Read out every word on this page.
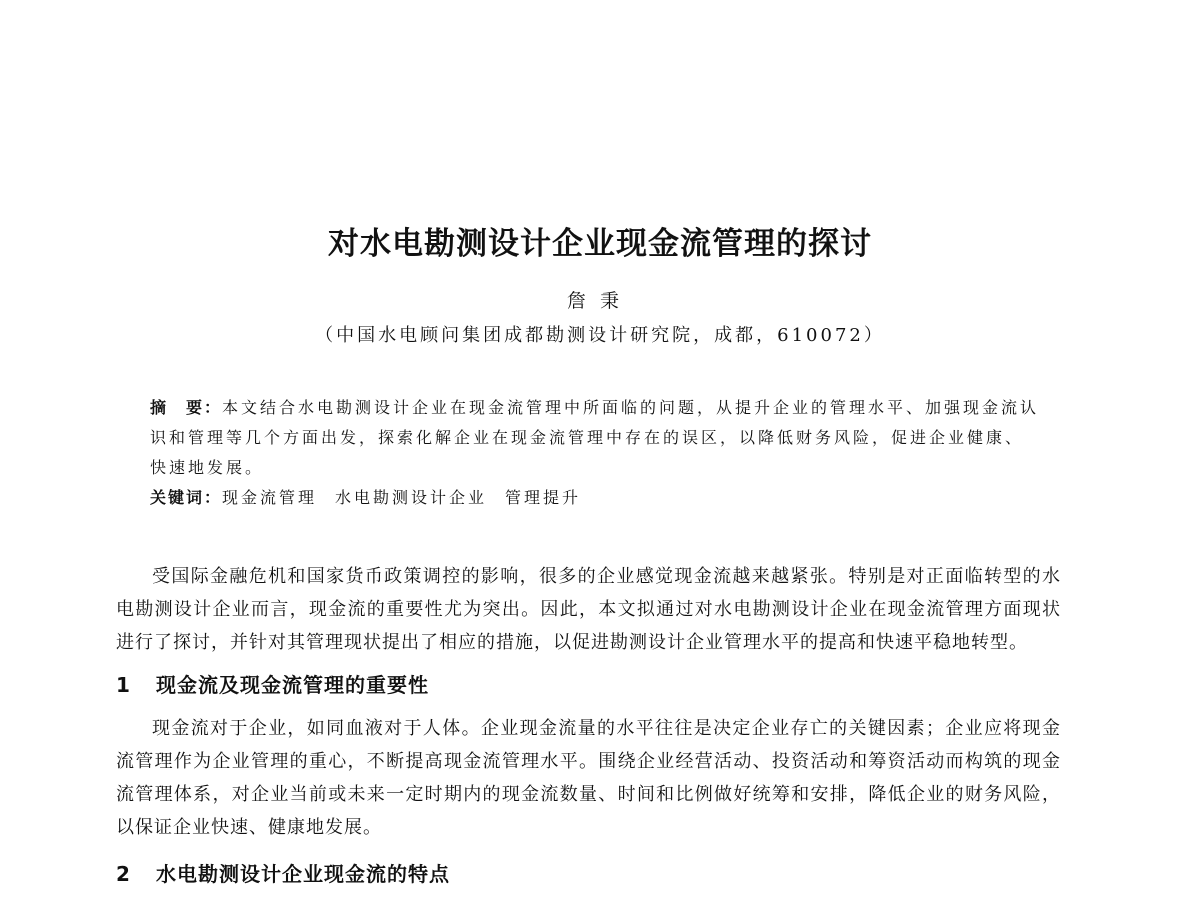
对水电勘测设计企业现金流管理的探讨
詹秉
（中国水电顾问集团成都勘测设计研究院，成都，610072）

摘　要：本文结合水电勘测设计企业在现金流管理中所面临的问题，从提升企业的管理水平、加强现金流认识和管理等几个方面出发，探索化解企业在现金流管理中存在的误区，以降低财务风险，促进企业健康、快速地发展。

关键词：现金流管理 水电勘测设计企业 管理提升

受国际金融危机和国家货币政策调控的影响，很多的企业感觉现金流越来越紧张。特别是对正面临转型的水电勘测设计企业而言，现金流的重要性尤为突出。因此，本文拟通过对水电勘测设计企业在现金流管理方面现状进行了探讨，并针对其管理现状提出了相应的措施，以促进勘测设计企业管理水平的提高和快速平稳地转型。

1 现金流及现金流管理的重要性

现金流对于企业，如同血液对于人体。企业现金流量的水平往往是决定企业存亡的关键因素；企业应将现金流管理作为企业管理的重心，不断提高现金流管理水平。围绕企业经营活动、投资活动和筹资活动而构筑的现金流管理体系，对企业当前或未来一定时期内的现金流数量、时间和比例做好统筹和安排，降低企业的财务风险，以保证企业快速、健康地发展。

2 水电勘测设计企业现金流的特点
